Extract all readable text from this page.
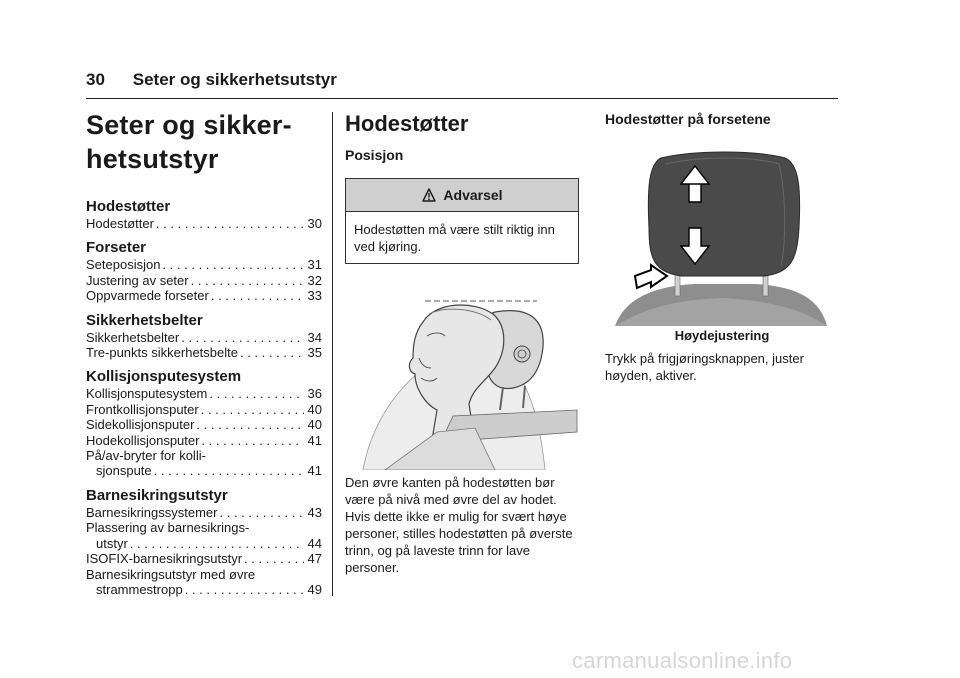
30 Seter og sikkerhetsutstyr
Seter og sikker-
hetsutstyr
Hodestøtter
Hodestøtter . . .	30
Forseter
Seteposisjon . . .	31
Justering av seter . . .	32
Oppvarmede forseter . . .	33
Sikkerhetsbelter
Sikkerhetsbelter . . .	34
Tre-punkts sikkerhetsbelte . . .	35
Kollisjonsputesystem
Kollisjonsputesystem . . .	36
Frontkollisjonsputer . . .	40
Sidekollisjonsputer . . .	40
Hodekollisjonsputer . . .	41
På/av-bryter for kolli-
sjonspute . . .	41
Barnesikringsutstyr
Barnesikringssystemer . . .	43
Plassering av barnesikrings-
utstyr . . .	44
ISOFIX-barnesikringsutstyr . . .	47
Barnesikringsutstyr med øvre
strammestropp . . .	49
Hodestøtter
Posisjon
Advarsel
Hodestøtten må være stilt riktig inn ved kjøring.
Den øvre kanten på hodestøtten bør være på nivå med øvre del av hodet. Hvis dette ikke er mulig for svært høye personer, stilles hodestøtten på øverste trinn, og på laveste trinn for lave personer.
Hodestøtter på forsetene
Høydejustering
Trykk på frigjøringsknappen, juster høyden, aktiver.
carmanualsonline.info
